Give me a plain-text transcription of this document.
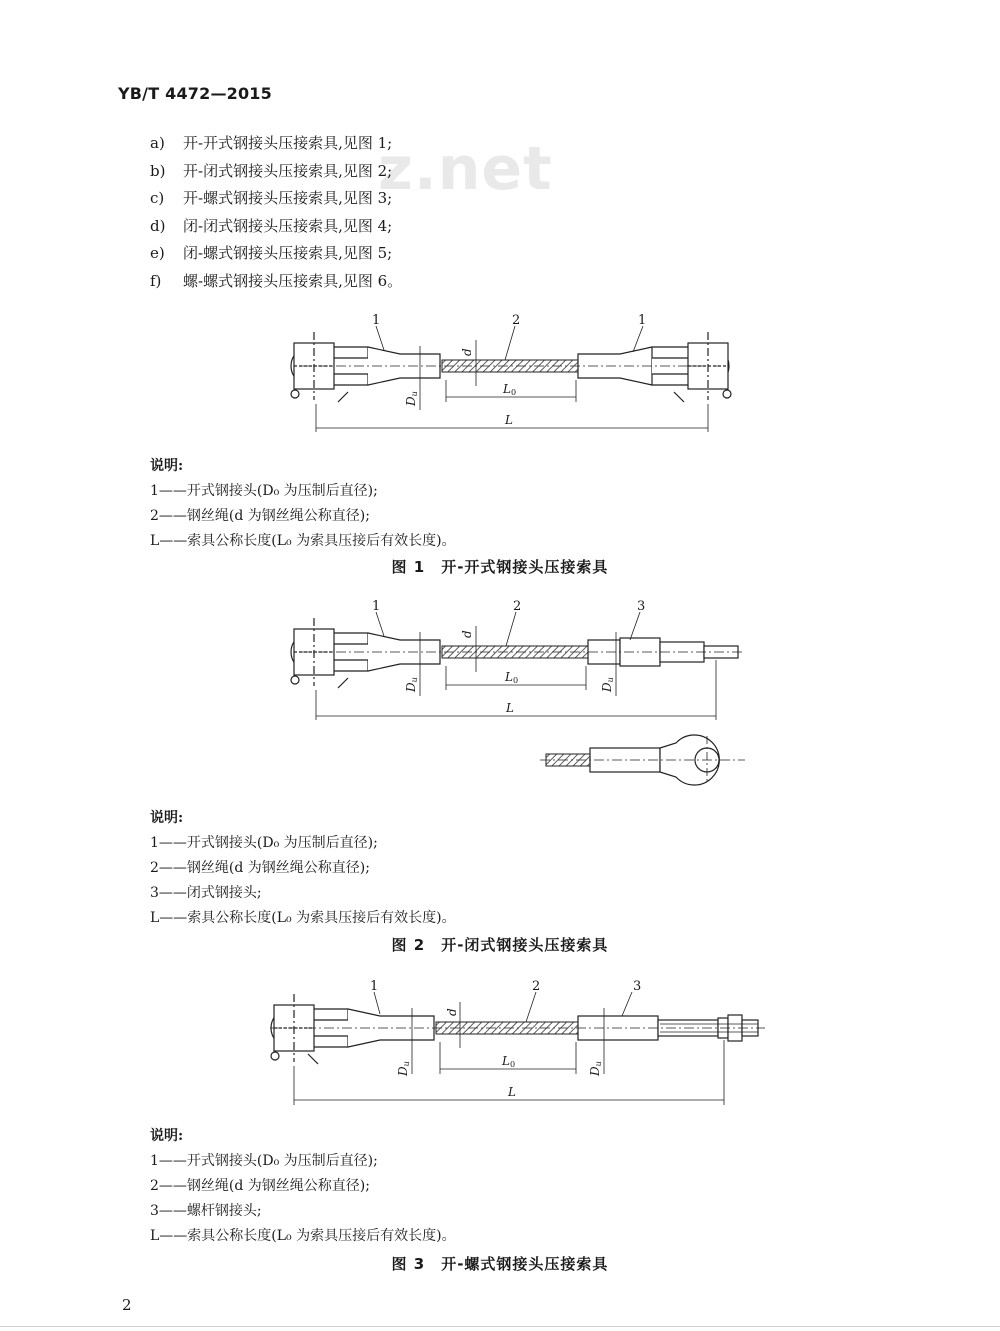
YB/T 4472—2015
z.net
a) 开-开式钢接头压接索具,见图 1;
b) 开-闭式钢接头压接索具,见图 2;
c) 开-螺式钢接头压接索具,见图 3;
d) 闭-闭式钢接头压接索具,见图 4;
e) 闭-螺式钢接头压接索具,见图 5;
f) 螺-螺式钢接头压接索具,见图 6。
1	2	1
d
Du	L0
L
说明:
1——开式钢接头(D₀ 为压制后直径);
2——钢丝绳(d 为钢丝绳公称直径);
L——索具公称长度(L₀ 为索具压接后有效长度)。
图 1　开-开式钢接头压接索具
1	2	3
d
Du
Du
L0
L
说明:
1——开式钢接头(D₀ 为压制后直径);
2——钢丝绳(d 为钢丝绳公称直径);
3——闭式钢接头;
L——索具公称长度(L₀ 为索具压接后有效长度)。
图 2　开-闭式钢接头压接索具
1	2	3
d
Du
Du
L0
L
说明:
1——开式钢接头(D₀ 为压制后直径);
2——钢丝绳(d 为钢丝绳公称直径);
3——螺杆钢接头;
L——索具公称长度(L₀ 为索具压接后有效长度)。
图 3　开-螺式钢接头压接索具
2
